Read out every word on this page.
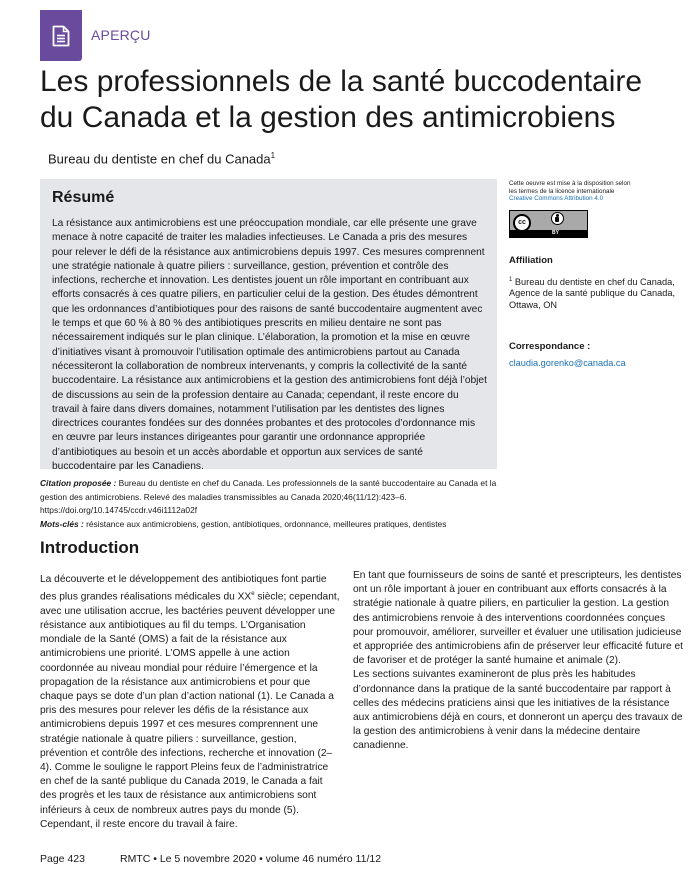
APERÇU
Les professionnels de la santé buccodentaire du Canada et la gestion des antimicrobiens
Bureau du dentiste en chef du Canada$^1$
Résumé

La résistance aux antimicrobiens est une préoccupation mondiale, car elle présente une grave menace à notre capacité de traiter les maladies infectieuses. Le Canada a pris des mesures pour relever le défi de la résistance aux antimicrobiens depuis 1997. Ces mesures comprennent une stratégie nationale à quatre piliers : surveillance, gestion, prévention et contrôle des infections, recherche et innovation. Les dentistes jouent un rôle important en contribuant aux efforts consacrés à ces quatre piliers, en particulier celui de la gestion. Des études démontrent que les ordonnances d’antibiotiques pour des raisons de santé buccodentaire augmentent avec le temps et que 60 % à 80 % des antibiotiques prescrits en milieu dentaire ne sont pas nécessairement indiqués sur le plan clinique. L’élaboration, la promotion et la mise en œuvre d’initiatives visant à promouvoir l’utilisation optimale des antimicrobiens partout au Canada nécessiteront la collaboration de nombreux intervenants, y compris la collectivité de la santé buccodentaire. La résistance aux antimicrobiens et la gestion des antimicrobiens font déjà l’objet de discussions au sein de la profession dentaire au Canada; cependant, il reste encore du travail à faire dans divers domaines, notamment l’utilisation par les dentistes des lignes directrices courantes fondées sur des données probantes et des protocoles d’ordonnance mis en œuvre par leurs instances dirigeantes pour garantir une ordonnance appropriée d’antibiotiques au besoin et un accès abordable et opportun aux services de santé buccodentaire par les Canadiens.

Cette oeuvre est mise à la disposition selon
les termes de la licence internationale
Creative Commons Attribution 4.0
cc
BY
Affiliation
$^1$ Bureau du dentiste en chef du Canada, Agence de la santé publique du Canada, Ottawa, ON
Correspondance :
claudia.gorenko@canada.ca
Citation proposée : Bureau du dentiste en chef du Canada. Les professionnels de la santé buccodentaire au Canada et la gestion des antimicrobiens. Relevé des maladies transmissibles au Canada 2020;46(11/12):423–6. https://doi.org/10.14745/ccdr.v46i1112a02f
Mots-clés : résistance aux antimicrobiens, gestion, antibiotiques, ordonnance, meilleures pratiques, dentistes
Introduction

La découverte et le développement des antibiotiques font partie des plus grandes réalisations médicales du XXe siècle; cependant, avec une utilisation accrue, les bactéries peuvent développer une résistance aux antibiotiques au fil du temps. L’Organisation mondiale de la Santé (OMS) a fait de la résistance aux antimicrobiens une priorité. L’OMS appelle à une action coordonnée au niveau mondial pour réduire l’émergence et la propagation de la résistance aux antimicrobiens et pour que chaque pays se dote d’un plan d’action national (1). Le Canada a pris des mesures pour relever les défis de la résistance aux antimicrobiens depuis 1997 et ces mesures comprennent une stratégie nationale à quatre piliers : surveillance, gestion, prévention et contrôle des infections, recherche et innovation (2–4). Comme le souligne le rapport Pleins feux de l’administratrice en chef de la santé publique du Canada 2019, le Canada a fait des progrès et les taux de résistance aux antimicrobiens sont inférieurs à ceux de nombreux autres pays du monde (5). Cependant, il reste encore du travail à faire.

En tant que fournisseurs de soins de santé et prescripteurs, les dentistes ont un rôle important à jouer en contribuant aux efforts consacrés à la stratégie nationale à quatre piliers, en particulier la gestion. La gestion des antimicrobiens renvoie à des interventions coordonnées conçues pour promouvoir, améliorer, surveiller et évaluer une utilisation judicieuse et appropriée des antimicrobiens afin de préserver leur efficacité future et de favoriser et de protéger la santé humaine et animale (2).

Les sections suivantes examineront de plus près les habitudes d’ordonnance dans la pratique de la santé buccodentaire par rapport à celles des médecins praticiens ainsi que les initiatives de la résistance aux antimicrobiens déjà en cours, et donneront un aperçu des travaux de la gestion des antimicrobiens à venir dans la médecine dentaire canadienne.

Page 423	RMTC • Le 5 novembre 2020 • volume 46 numéro 11/12
